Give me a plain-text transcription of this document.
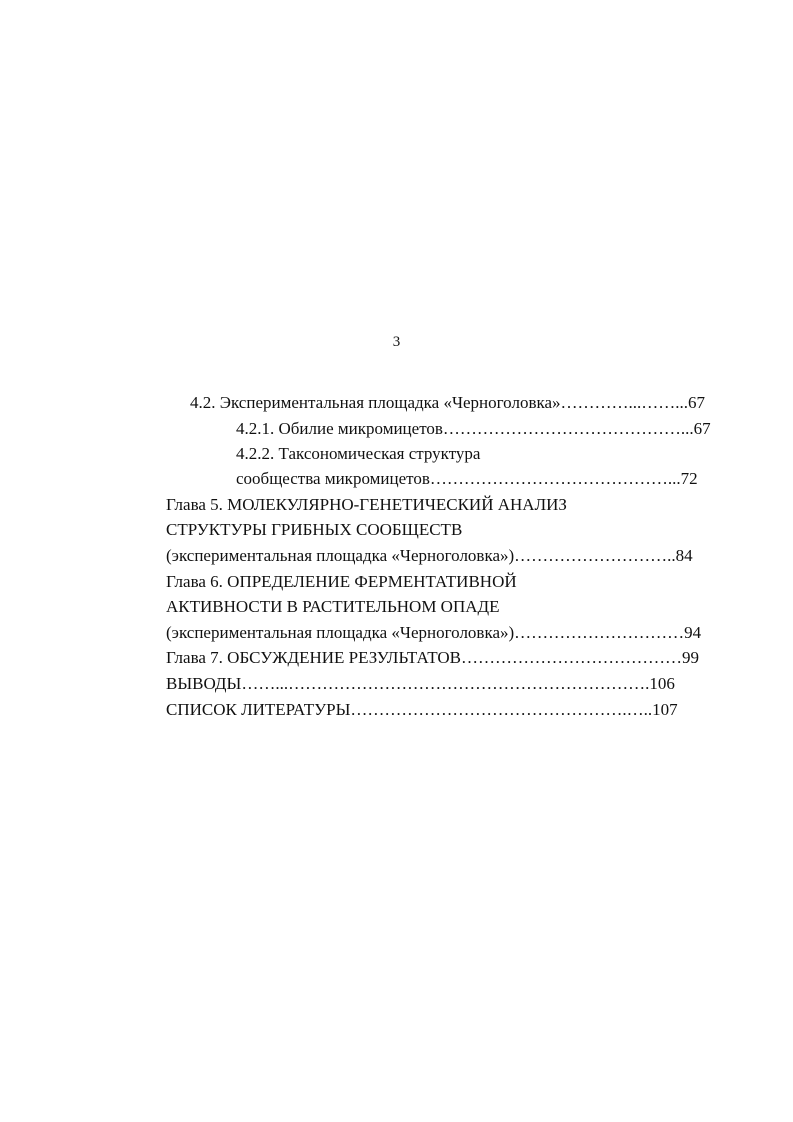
3
4.2. Экспериментальная площадка «Черноголовка»…………...……...67
4.2.1. Обилие микромицетов……………………………………...67
4.2.2. Таксономическая структура
сообщества микромицетов……………………………………...72
Глава 5. МОЛЕКУЛЯРНО-ГЕНЕТИЧЕСКИЙ АНАЛИЗ
СТРУКТУРЫ ГРИБНЫХ СООБЩЕСТВ
(экспериментальная площадка «Черноголовка»)………………………..84
Глава 6. ОПРЕДЕЛЕНИЕ ФЕРМЕНТАТИВНОЙ
АКТИВНОСТИ В РАСТИТЕЛЬНОМ ОПАДЕ
(экспериментальная площадка «Черноголовка»)…………………………94
Глава 7. ОБСУЖДЕНИЕ РЕЗУЛЬТАТОВ…………………………………99
ВЫВОДЫ……...……………………………………………………….106
СПИСОК ЛИТЕРАТУРЫ………………………………………….…..107
